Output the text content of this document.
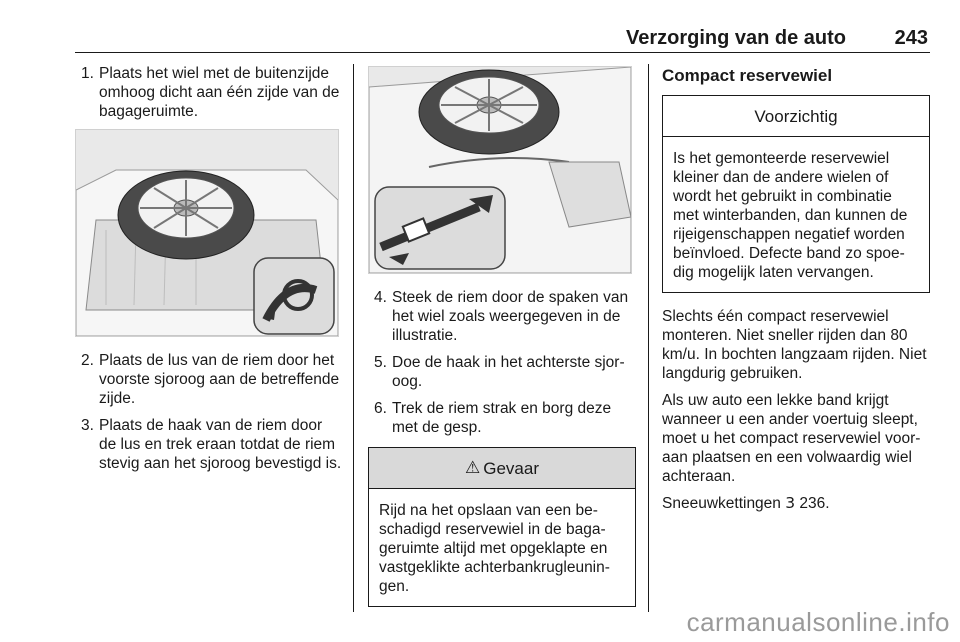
Verzorging van de auto 243
1. Plaats het wiel met de buitenzijde omhoog dicht aan één zijde van de bagageruimte.
2. Plaats de lus van de riem door het voorste sjoroog aan de betreffende zijde.
3. Plaats de haak van de riem door de lus en trek eraan totdat de riem stevig aan het sjoroog bevestigd is.
4. Steek de riem door de spaken van het wiel zoals weergegeven in de illustratie.
5. Doe de haak in het achterste sjoroog.
6. Trek de riem strak en borg deze met de gesp.
⚠ Gevaar
Rijd na het opslaan van een beschadigd reservewiel in de bagageruimte altijd met opgeklapte en vastgeklikte achterbankrugleuningen.
Compact reservewiel
Voorzichtig
Is het gemonteerde reservewiel kleiner dan de andere wielen of wordt het gebruikt in combinatie met winterbanden, dan kunnen de rijeigenschappen negatief worden beïnvloed. Defecte band zo spoedig mogelijk laten vervangen.
Slechts één compact reservewiel monteren. Niet sneller rijden dan 80 km/u. In bochten langzaam rijden. Niet langdurig gebruiken.
Als uw auto een lekke band krijgt wanneer u een ander voertuig sleept, moet u het compact reservewiel vooraan plaatsen en een volwaardig wiel achteraan.
Sneeuwkettingen 3 236.
carmanualsonline.info
